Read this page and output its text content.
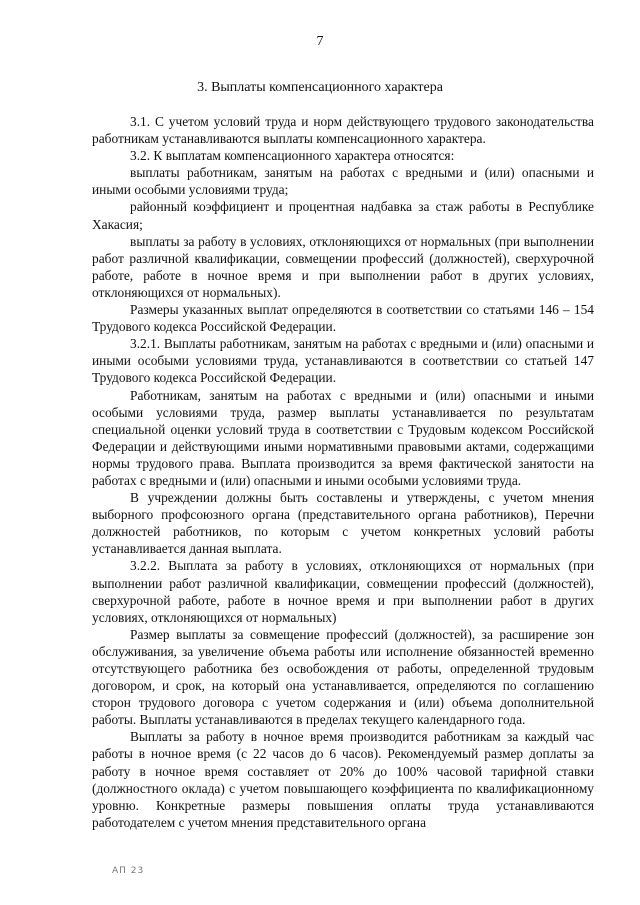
7
3. Выплаты компенсационного характера

3.1. С учетом условий труда и норм действующего трудового законодательства работникам устанавливаются выплаты компенсационного характера.

3.2. К выплатам компенсационного характера относятся:

выплаты работникам, занятым на работах с вредными и (или) опасными и иными особыми условиями труда;

районный коэффициент и процентная надбавка за стаж работы в Республике Хакасия;

выплаты за работу в условиях, отклоняющихся от нормальных (при выполнении работ различной квалификации, совмещении профессий (должностей), сверхурочной работе, работе в ночное время и при выполнении работ в других условиях, отклоняющихся от нормальных).

Размеры указанных выплат определяются в соответствии со статьями 146 – 154 Трудового кодекса Российской Федерации.

3.2.1. Выплаты работникам, занятым на работах с вредными и (или) опасными и иными особыми условиями труда, устанавливаются в соответствии со статьей 147 Трудового кодекса Российской Федерации.

Работникам, занятым на работах с вредными и (или) опасными и иными особыми условиями труда, размер выплаты устанавливается по результатам специальной оценки условий труда в соответствии с Трудовым кодексом Российской Федерации и действующими иными нормативными правовыми актами, содержащими нормы трудового права. Выплата производится за время фактической занятости на работах с вредными и (или) опасными и иными особыми условиями труда.

В учреждении должны быть составлены и утверждены, с учетом мнения выборного профсоюзного органа (представительного органа работников), Перечни должностей работников, по которым с учетом конкретных условий работы устанавливается данная выплата.

3.2.2. Выплата за работу в условиях, отклоняющихся от нормальных (при выполнении работ различной квалификации, совмещении профессий (должностей), сверхурочной работе, работе в ночное время и при выполнении работ в других условиях, отклоняющихся от нормальных)

Размер выплаты за совмещение профессий (должностей), за расширение зон обслуживания, за увеличение объема работы или исполнение обязанностей временно отсутствующего работника без освобождения от работы, определенной трудовым договором, и срок, на который она устанавливается, определяются по соглашению сторон трудового договора с учетом содержания и (или) объема дополнительной работы. Выплаты устанавливаются в пределах текущего календарного года.

Выплаты за работу в ночное время производится работникам за каждый час работы в ночное время (с 22 часов до 6 часов). Рекомендуемый размер доплаты за работу в ночное время составляет от 20% до 100% часовой тарифной ставки (должностного оклада) с учетом повышающего коэффициента по квалификационному уровню. Конкретные размеры повышения оплаты труда устанавливаются работодателем с учетом мнения представительного органа

АП 23
